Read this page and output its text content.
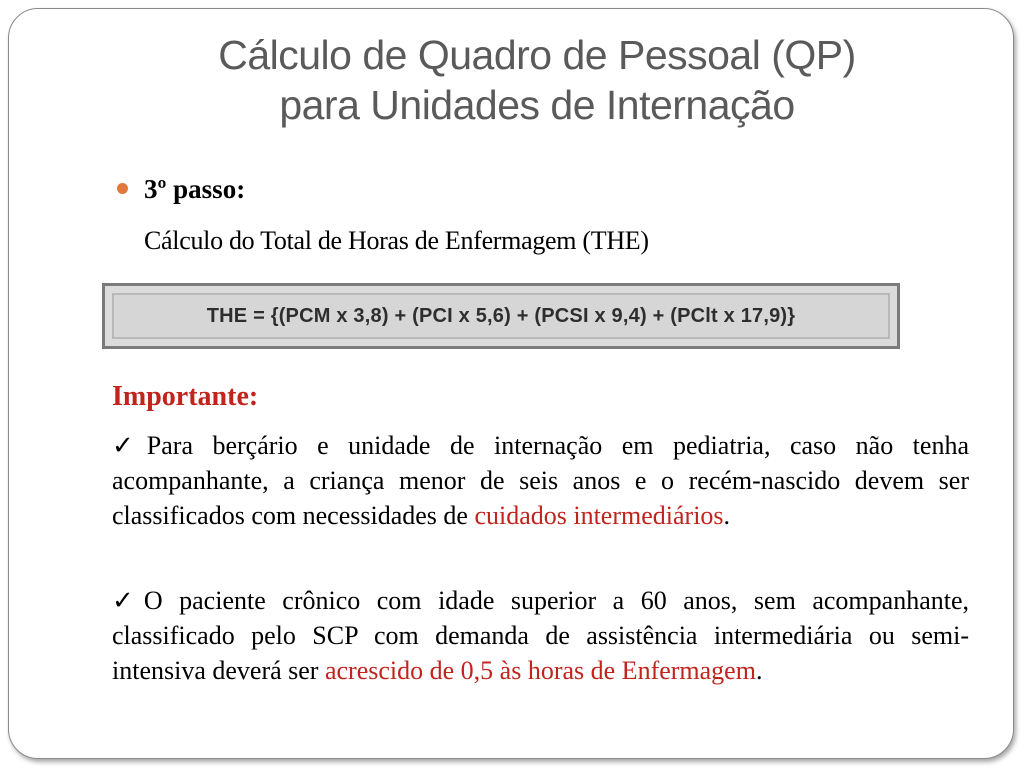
Cálculo de Quadro de Pessoal (QP)
para Unidades de Internação
3º passo:
Cálculo do Total de Horas de Enfermagem (THE)
THE = {(PCM x 3,8) + (PCI x 5,6) + (PCSI x 9,4) + (PClt x 17,9)}
Importante:
✓Para berçário e unidade de internação em pediatria, caso não tenha acompanhante, a criança menor de seis anos e o recém-nascido devem ser classificados com necessidades de cuidados intermediários.
✓O paciente crônico com idade superior a 60 anos, sem acompanhante, classificado pelo SCP com demanda de assistência intermediária ou semi-intensiva deverá ser acrescido de 0,5 às horas de Enfermagem.
